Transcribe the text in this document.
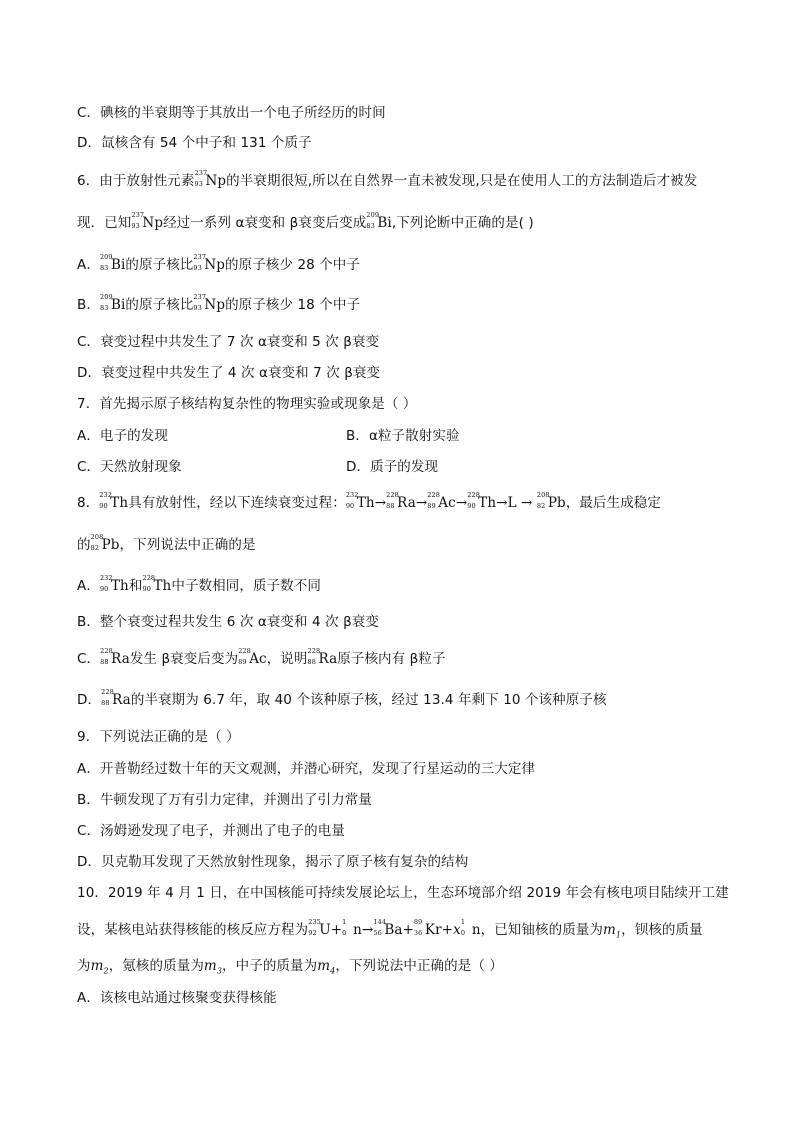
C．碘核的半衰期等于其放出一个电子所经历的时间
D．氙核含有 54 个中子和 131 个质子
6．由于放射性元素 237
93 Np的半衰期很短,所以在自然界一直未被发现,只是在使用人工的方法制造后才被发
现．已知 237
93 Np经过一系列 α衰变和 β衰变后变成 209
83 Bi,下列论断中正确的是( )
A． 209
83 Bi的原子核比 237
93 Np的原子核少 28 个中子
B． 209
83 Bi的原子核比 237
93 Np的原子核少 18 个中子
C．衰变过程中共发生了 7 次 α衰变和 5 次 β衰变
D．衰变过程中共发生了 4 次 α衰变和 7 次 β衰变
7．首先揭示原子核结构复杂性的物理实验或现象是（ ）
A．电子的发现	B．α粒子散射实验
C．天然放射现象	D．质子的发现
8． 232
90 Th具有放射性，经以下连续衰变过程： 232
90 Th→ 228
88 Ra→ 228
89 Ac→ 228
90 Th→L → 208
82 Pb，最后生成稳定
的 208
82 Pb，下列说法中正确的是
A． 232
90 Th和 228
90 Th中子数相同，质子数不同
B．整个衰变过程共发生 6 次 α衰变和 4 次 β衰变
C． 228
88 Ra发生 β衰变后变为 228
89 Ac，说明 228
88 Ra原子核内有 β粒子
D． 228
88 Ra的半衰期为 6.7 年，取 40 个该种原子核，经过 13.4 年剩下 10 个该种原子核
9．下列说法正确的是（ ）
A．开普勒经过数十年的天文观测，并潜心研究，发现了行星运动的三大定律
B．牛顿发现了万有引力定律，并测出了引力常量
C．汤姆逊发现了电子，并测出了电子的电量
D．贝克勒耳发现了天然放射性现象，揭示了原子核有复杂的结构
10．2019 年 4 月 1 日，在中国核能可持续发展论坛上，生态环境部介绍 2019 年会有核电项目陆续开工建
设，某核电站获得核能的核反应方程为 235
92 U+ 1
0 n→ 144
56 Ba+ 89
36 Kr+x 1
0 n，已知铀核的质量为$m_1$，钡核的质量
为$m_2$，氪核的质量为$m_3$，中子的质量为$m_4$，下列说法中正确的是（ ）
A．该核电站通过核聚变获得核能
